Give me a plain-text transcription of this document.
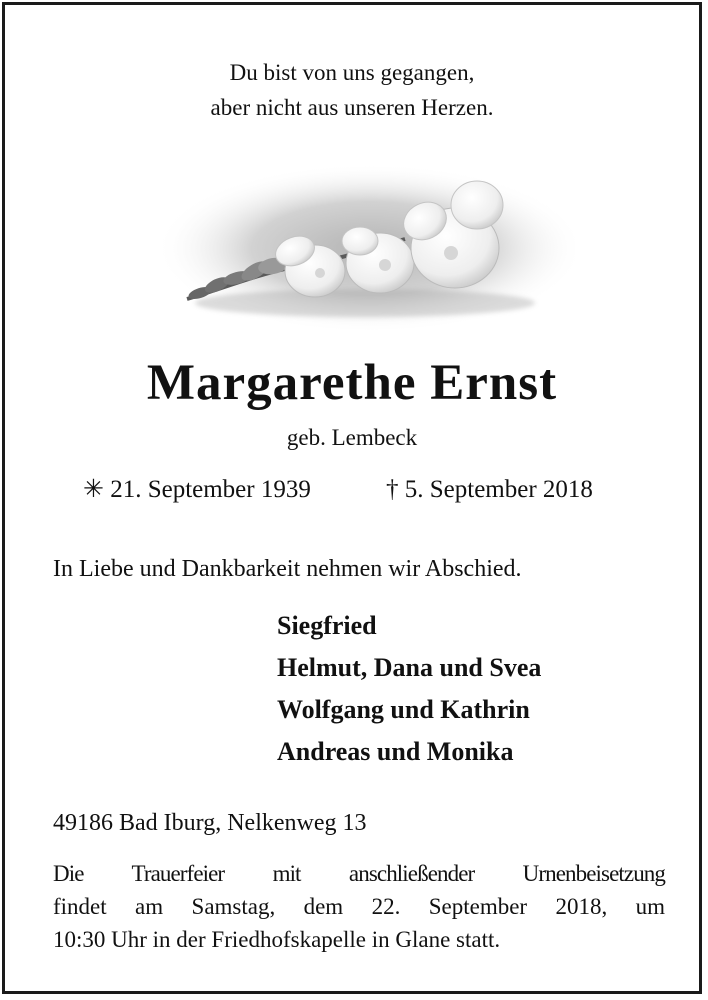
Du bist von uns gegangen,
aber nicht aus unseren Herzen.
Margarethe Ernst
geb. Lembeck
✳ 21. September 1939	† 5. September 2018
In Liebe und Dankbarkeit nehmen wir Abschied.
Siegfried
Helmut, Dana und Svea
Wolfgang und Kathrin
Andreas und Monika
49186 Bad Iburg, Nelkenweg 13
Die Trauerfeier mit anschließender Urnenbeisetzung
findet am Samstag, dem 22. September 2018, um
10:30 Uhr in der Friedhofskapelle in Glane statt.
